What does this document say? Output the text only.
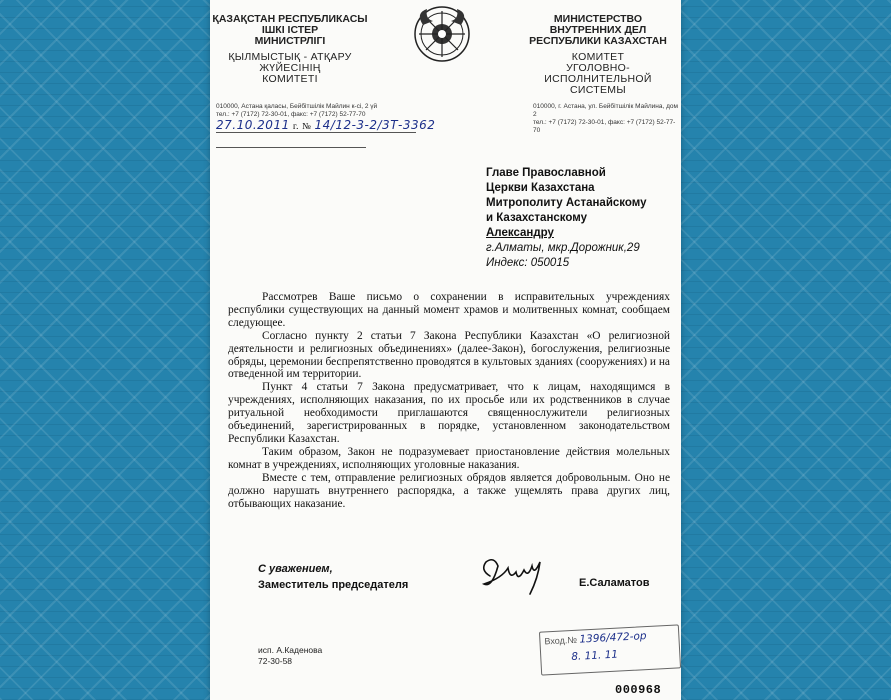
ҚАЗАҚСТАН РЕСПУБЛИКАСЫ
ІШКІ ІСТЕР
МИНИСТРЛІГІ
ҚЫЛМЫСТЫҚ - АТҚАРУ
ЖҮЙЕСІНІҢ
КОМИТЕТІ
МИНИСТЕРСТВО
ВНУТРЕННИХ ДЕЛ
РЕСПУБЛИКИ КАЗАХСТАН
КОМИТЕТ
УГОЛОВНО-ИСПОЛНИТЕЛЬНОЙ
СИСТЕМЫ
010000, Астана қаласы, Бейбітшілік Майлин к-сі, 2 үй
тел.: +7 (7172) 72-30-01, факс: +7 (7172) 52-77-70
010000, г. Астана, ул. Бейбітшілік Майлина, дом 2
тел.: +7 (7172) 72-30-01, факс: +7 (7172) 52-77-70
27.10.2011 г. № 14/12-3-2/3Т-3362
Главе Православной
Церкви Казахстана
Митрополиту Астанайскому
и Казахстанскому
Александру
г.Алматы, мкр.Дорожник,29
Индекс: 050015

Рассмотрев Ваше письмо о сохранении в исправительных учреждениях республики существующих на данный момент храмов и молитвенных комнат, сообщаем следующее.

Согласно пункту 2 статьи 7 Закона Республики Казахстан «О религиозной деятельности и религиозных объединениях» (далее-Закон), богослужения, религиозные обряды, церемонии беспрепятственно проводятся в культовых зданиях (сооружениях) и на отведенной им территории.

Пункт 4 статьи 7 Закона предусматривает, что к лицам, находящимся в учреждениях, исполняющих наказания, по их просьбе или их родственников в случае ритуальной необходимости приглашаются священнослужители религиозных объединений, зарегистрированных в порядке, установленном законодательством Республики Казахстан.

Таким образом, Закон не подразумевает приостановление действия молельных комнат в учреждениях, исполняющих уголовные наказания.

Вместе с тем, отправление религиозных обрядов является добровольным. Оно не должно нарушать внутреннего распорядка, а также ущемлять права других лиц, отбывающих наказание.

С уважением,
Заместитель председателя	Е.Саламатов
исп. А.Каденова
72-30-58
Вход.№ 1396/472-ор
8. 11. 11
000968
